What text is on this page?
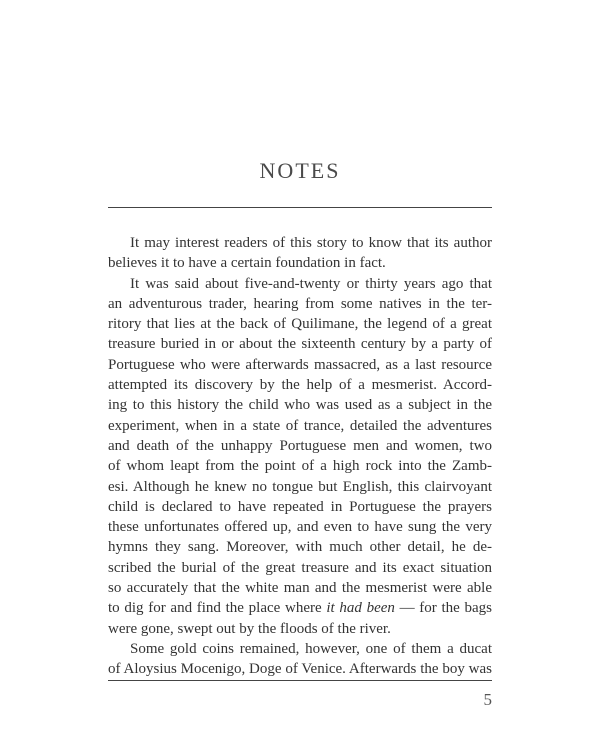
NOTES
It may interest readers of this story to know that its author
believes it to have a certain foundation in fact.
It was said about five-and-twenty or thirty years ago that
an adventurous trader, hearing from some natives in the ter-
ritory that lies at the back of Quilimane, the legend of a great
treasure buried in or about the sixteenth century by a party of
Portuguese who were afterwards massacred, as a last resource
attempted its discovery by the help of a mesmerist. Accord-
ing to this history the child who was used as a subject in the
experiment, when in a state of trance, detailed the adventures
and death of the unhappy Portuguese men and women, two
of whom leapt from the point of a high rock into the Zamb-
esi. Although he knew no tongue but English, this clairvoyant
child is declared to have repeated in Portuguese the prayers
these unfortunates offered up, and even to have sung the very
hymns they sang. Moreover, with much other detail, he de-
scribed the burial of the great treasure and its exact situation
so accurately that the white man and the mesmerist were able
to dig for and find the place where it had been — for the bags
were gone, swept out by the floods of the river.
Some gold coins remained, however, one of them a ducat
of Aloysius Mocenigo, Doge of Venice. Afterwards the boy was
5
